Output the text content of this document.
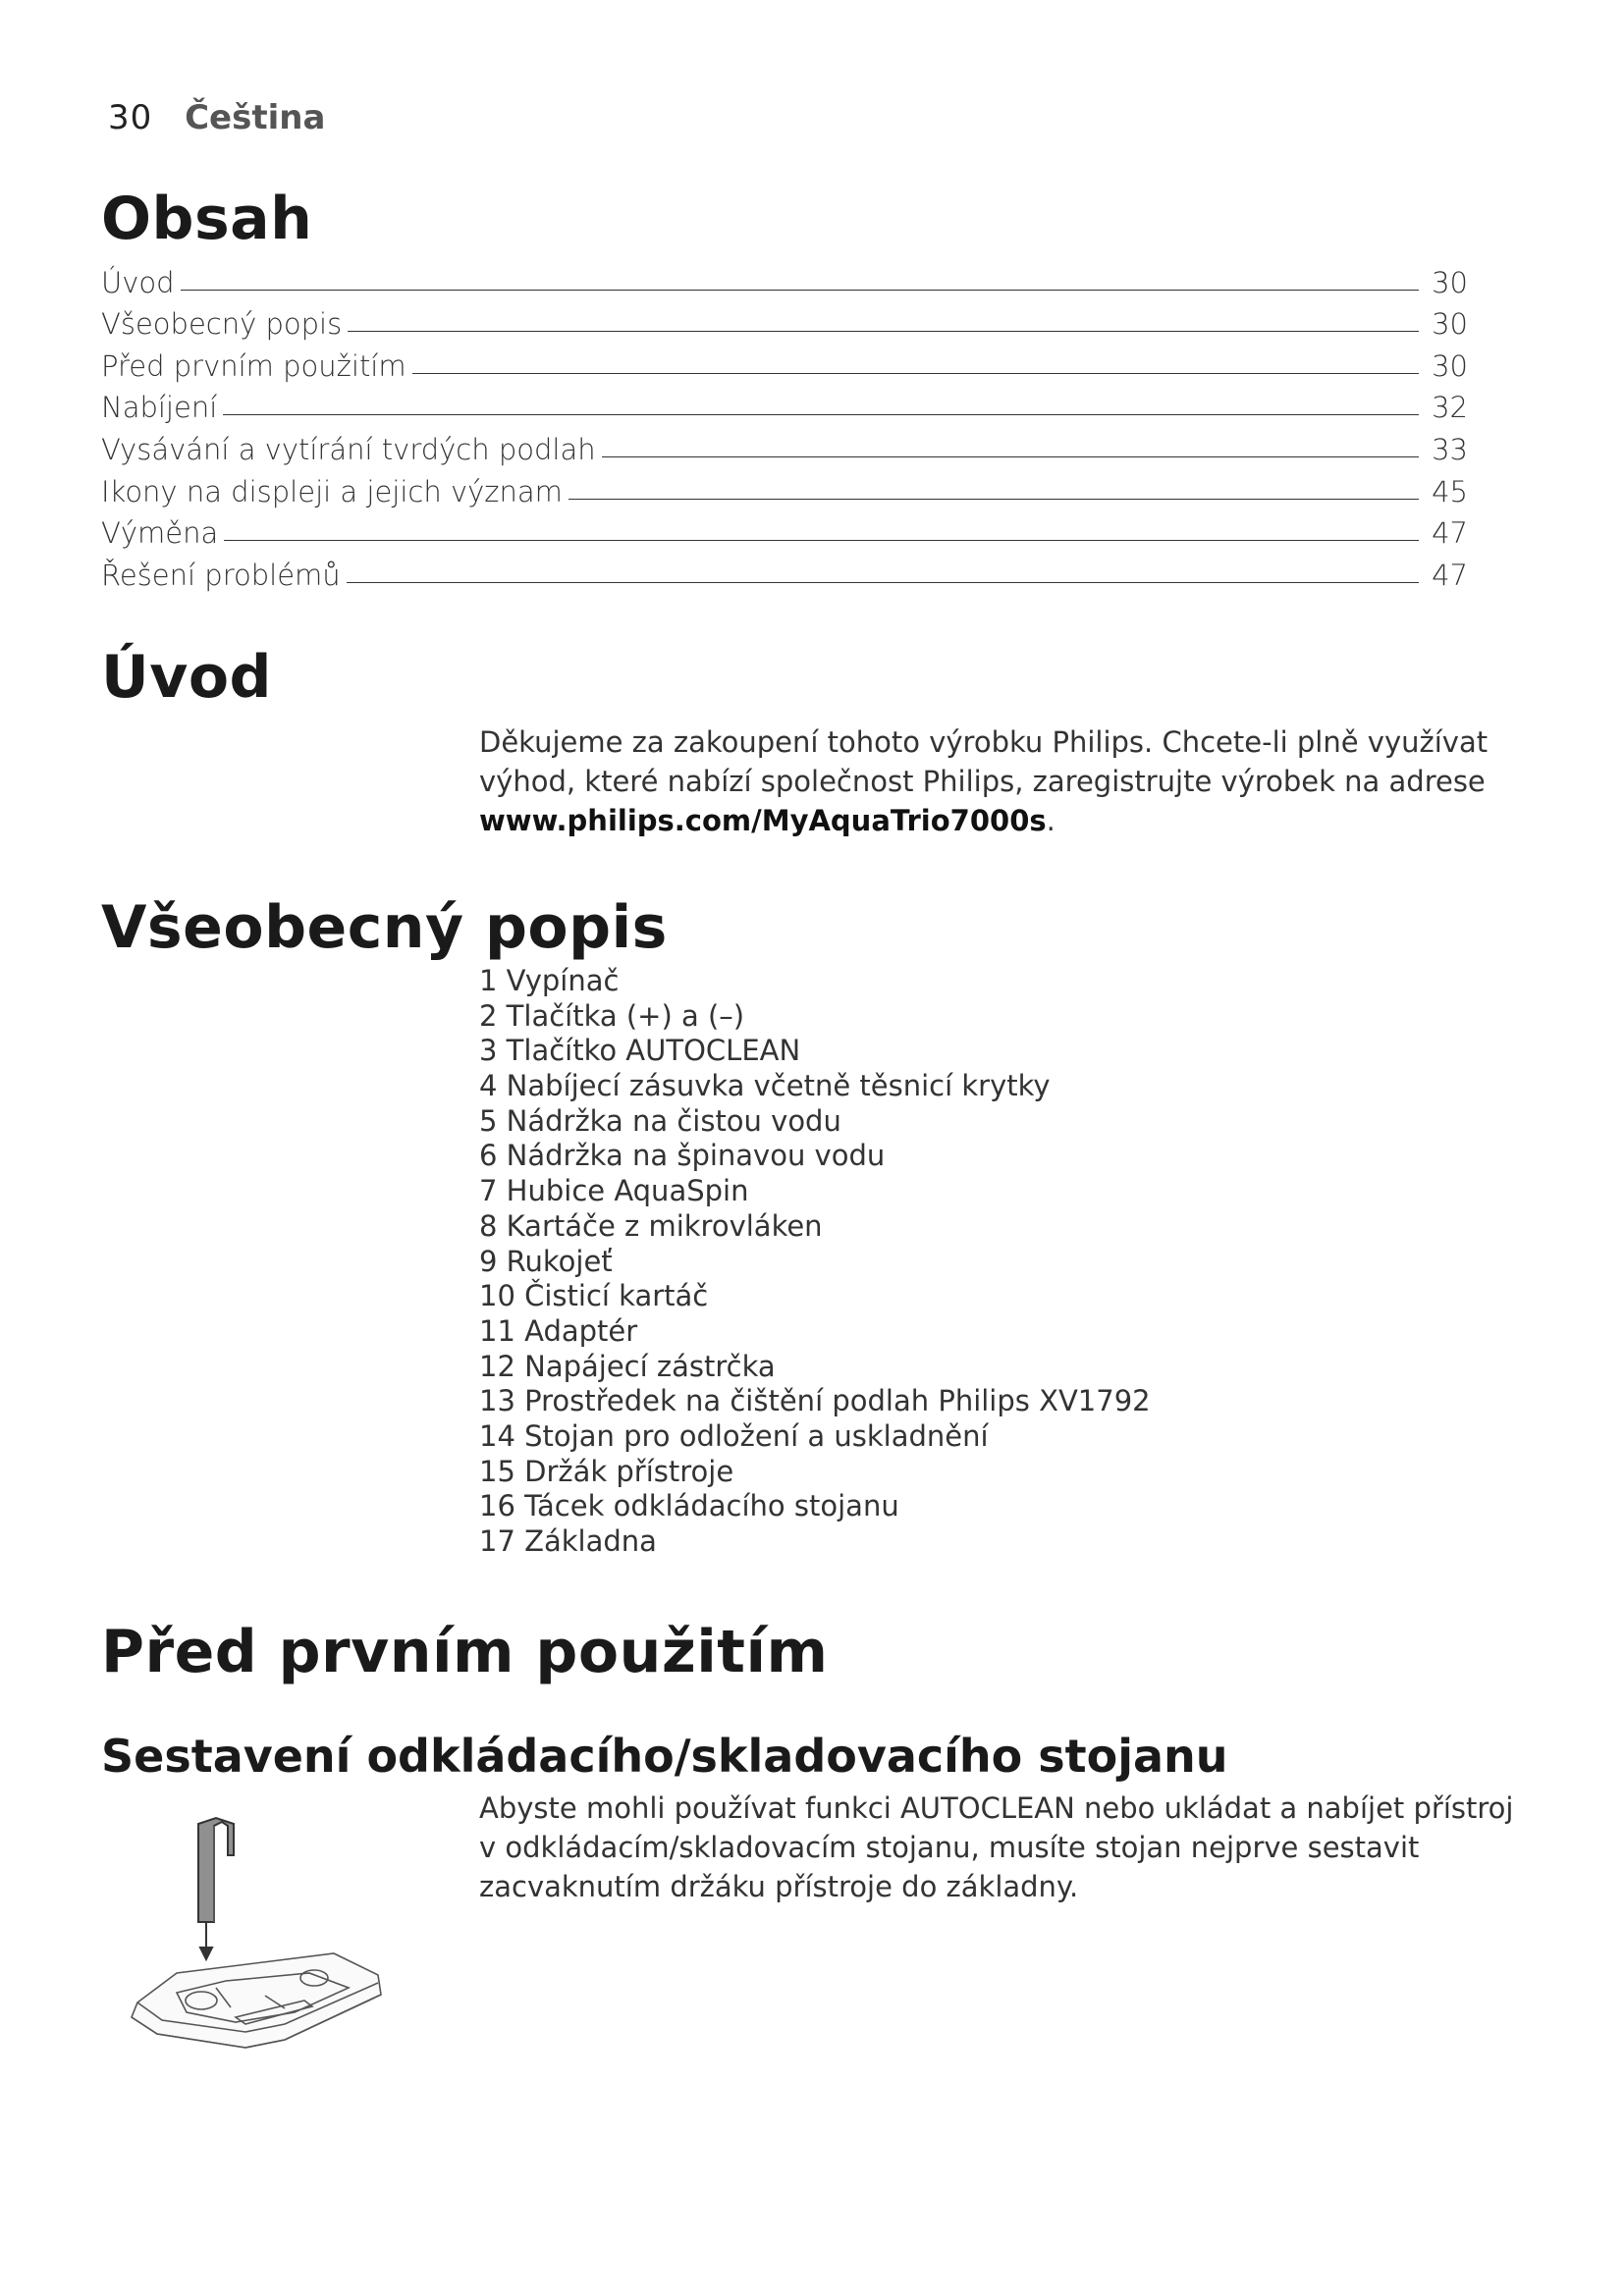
30 Čeština
Obsah
Úvod	30
Všeobecný popis	30
Před prvním použitím	30
Nabíjení	32
Vysávání a vytírání tvrdých podlah	33
Ikony na displeji a jejich význam	45
Výměna	47
Řešení problémů	47
Úvod
Děkujeme za zakoupení tohoto výrobku Philips. Chcete-li plně využívat výhod, které nabízí společnost Philips, zaregistrujte výrobek na adrese www.philips.com/MyAquaTrio7000s.
Všeobecný popis
1 Vypínač
2 Tlačítka (+) a (–)
3 Tlačítko AUTOCLEAN
4 Nabíjecí zásuvka včetně těsnicí krytky
5 Nádržka na čistou vodu
6 Nádržka na špinavou vodu
7 Hubice AquaSpin
8 Kartáče z mikrovláken
9 Rukojeť
10 Čisticí kartáč
11 Adaptér
12 Napájecí zástrčka
13 Prostředek na čištění podlah Philips XV1792
14 Stojan pro odložení a uskladnění
15 Držák přístroje
16 Tácek odkládacího stojanu
17 Základna
Před prvním použitím
Sestavení odkládacího/skladovacího stojanu
Abyste mohli používat funkci AUTOCLEAN nebo ukládat a nabíjet přístroj v odkládacím/skladovacím stojanu, musíte stojan nejprve sestavit zacvaknutím držáku přístroje do základny.
